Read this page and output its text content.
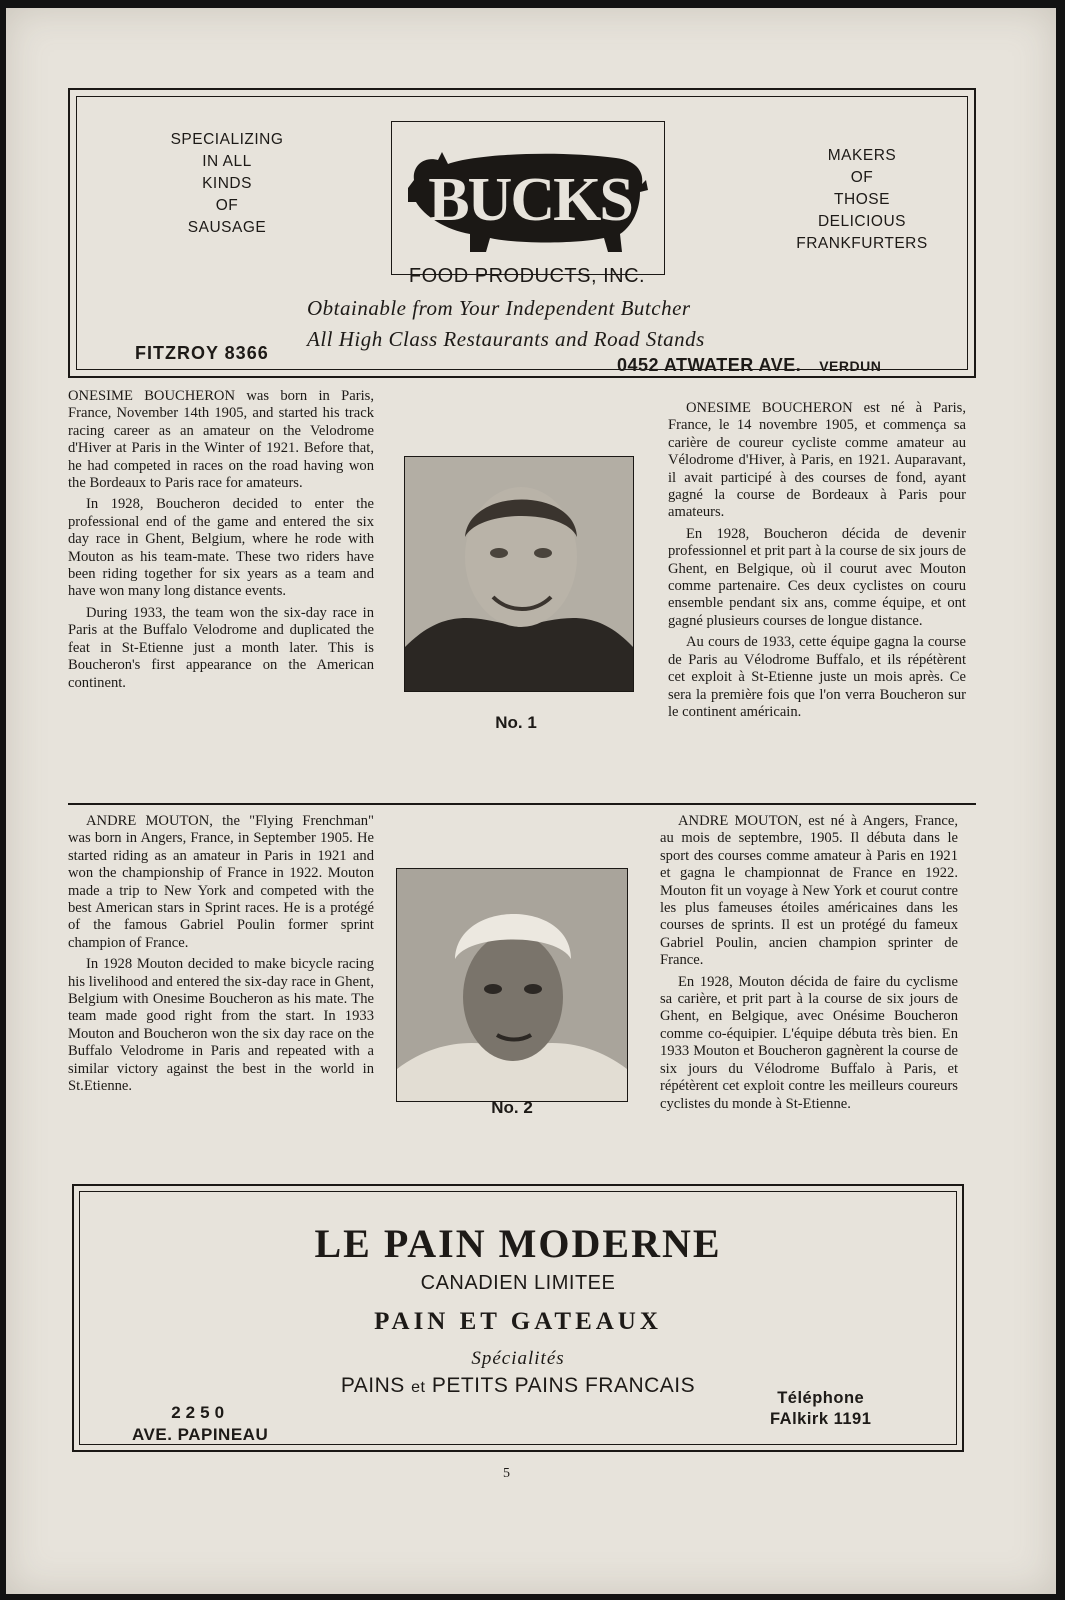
SPECIALIZING
IN ALL
KINDS
OF
SAUSAGE	BUCKS
MAKERS
OF
THOSE
DELICIOUS
FRANKFURTERS
FOOD PRODUCTS, INC.
Obtainable from Your Independent Butcher
All High Class Restaurants and Road Stands
FITZROY 8366
0452 ATWATER AVE. VERDUN

ONESIME BOUCHERON was born in Paris, France, November 14th 1905, and started his track racing career as an amateur on the Velodrome d'Hiver at Paris in the Winter of 1921. Before that, he had competed in races on the road having won the Bordeaux to Paris race for amateurs.

In 1928, Boucheron decided to enter the professional end of the game and entered the six day race in Ghent, Belgium, where he rode with Mouton as his team-mate. These two riders have been riding together for six years as a team and have won many long distance events.

During 1933, the team won the six-day race in Paris at the Buffalo Velodrome and duplicated the feat in St-Etienne just a month later. This is Boucheron's first appearance on the American continent.

No. 1

ONESIME BOUCHERON est né à Paris, France, le 14 novembre 1905, et commença sa carière de coureur cycliste comme amateur au Vélodrome d'Hiver, à Paris, en 1921. Auparavant, il avait participé à des courses de fond, ayant gagné la course de Bordeaux à Paris pour amateurs.

En 1928, Boucheron décida de devenir professionnel et prit part à la course de six jours de Ghent, en Belgique, où il courut avec Mouton comme partenaire. Ces deux cyclistes on couru ensemble pendant six ans, comme équipe, et ont gagné plusieurs courses de longue distance.

Au cours de 1933, cette équipe gagna la course de Paris au Vélodrome Buffalo, et ils répétèrent cet exploit à St-Etienne juste un mois après. Ce sera la première fois que l'on verra Boucheron sur le continent américain.

ANDRE MOUTON, the "Flying Frenchman" was born in Angers, France, in September 1905. He started riding as an amateur in Paris in 1921 and won the championship of France in 1922. Mouton made a trip to New York and competed with the best American stars in Sprint races. He is a protégé of the famous Gabriel Poulin former sprint champion of France.

In 1928 Mouton decided to make bicycle racing his livelihood and entered the six-day race in Ghent, Belgium with Onesime Boucheron as his mate. The team made good right from the start. In 1933 Mouton and Boucheron won the six day race on the Buffalo Velodrome in Paris and repeated with a similar victory against the best in the world in St.Etienne.

No. 2

ANDRE MOUTON, est né à Angers, France, au mois de septembre, 1905. Il débuta dans le sport des courses comme amateur à Paris en 1921 et gagna le championnat de France en 1922. Mouton fit un voyage à New York et courut contre les plus fameuses étoiles américaines dans les courses de sprints. Il est un protégé du fameux Gabriel Poulin, ancien champion sprinter de France.

En 1928, Mouton décida de faire du cyclisme sa carière, et prit part à la course de six jours de Ghent, en Belgique, avec Onésime Boucheron comme co-équipier. L'équipe débuta très bien. En 1933 Mouton et Boucheron gagnèrent la course de six jours du Vélodrome Buffalo à Paris, et répétèrent cet exploit contre les meilleurs coureurs cyclistes du monde à St-Etienne.

LE PAIN MODERNE
CANADIEN LIMITEE
PAIN ET GATEAUX
Spécialités
PAINS et PETITS PAINS FRANCAIS
2250
AVE. PAPINEAU
Téléphone
FAlkirk 1191
5
